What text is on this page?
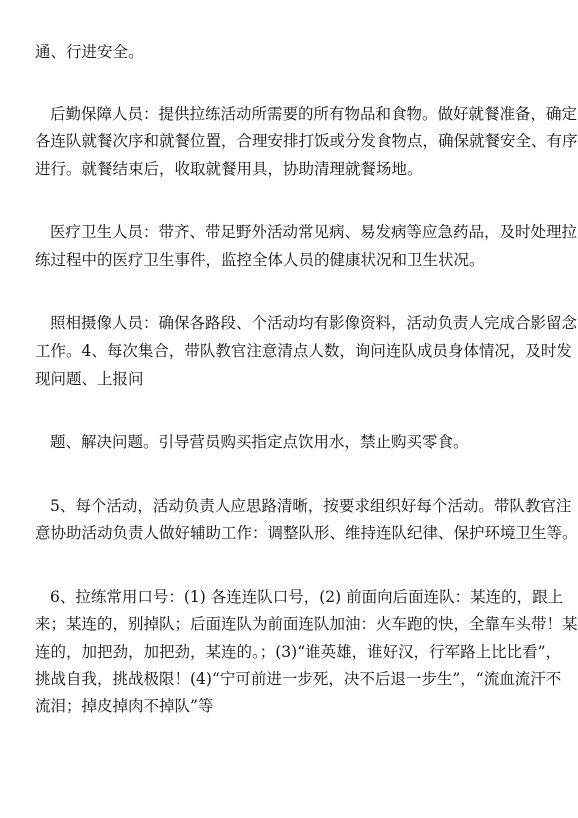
通、行进安全。
后勤保障人员：提供拉练活动所需要的所有物品和食物。做好就餐准备，确定
各连队就餐次序和就餐位置，合理安排打饭或分发食物点，确保就餐安全、有序
进行。就餐结束后，收取就餐用具，协助清理就餐场地。
医疗卫生人员：带齐、带足野外活动常见病、易发病等应急药品，及时处理拉
练过程中的医疗卫生事件，监控全体人员的健康状况和卫生状况。
照相摄像人员：确保各路段、个活动均有影像资料，活动负责人完成合影留念
工作。4、每次集合，带队教官注意清点人数，询问连队成员身体情况，及时发
现问题、上报问
题、解决问题。引导营员购买指定点饮用水，禁止购买零食。
5、每个活动，活动负责人应思路清晰，按要求组织好每个活动。带队教官注
意协助活动负责人做好辅助工作：调整队形、维持连队纪律、保护环境卫生等。
6、拉练常用口号：(1) 各连连队口号，(2) 前面向后面连队：某连的，跟上
来；某连的，别掉队；后面连队为前面连队加油：火车跑的快，全靠车头带！某
连的，加把劲，加把劲，某连的。；(3)“谁英雄，谁好汉，行军路上比比看”，
挑战自我，挑战极限！(4)“宁可前进一步死，决不后退一步生”，“流血流汗不
流泪；掉皮掉肉不掉队”等
